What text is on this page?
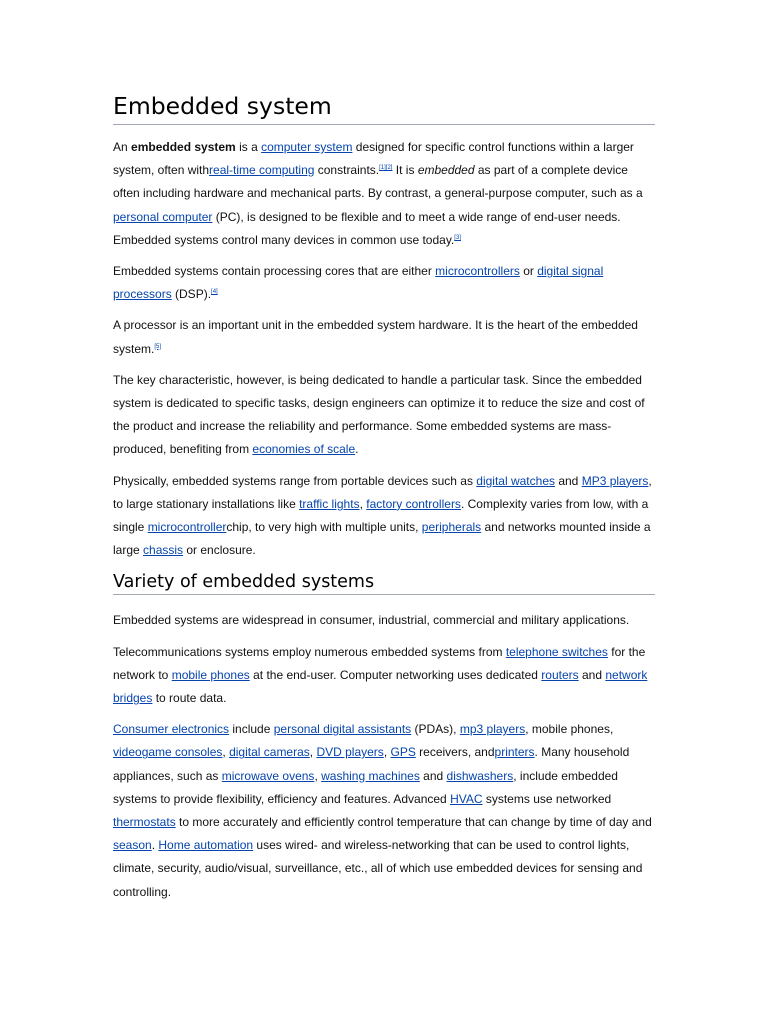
Embedded system

An embedded system is a computer system designed for specific control functions within a larger system, often withreal-time computing constraints.[1][2] It is embedded as part of a complete device often including hardware and mechanical parts. By contrast, a general-purpose computer, such as a personal computer (PC), is designed to be flexible and to meet a wide range of end-user needs. Embedded systems control many devices in common use today.[3]

Embedded systems contain processing cores that are either microcontrollers or digital signal processors (DSP).[4]

A processor is an important unit in the embedded system hardware. It is the heart of the embedded system.[5]

The key characteristic, however, is being dedicated to handle a particular task. Since the embedded system is dedicated to specific tasks, design engineers can optimize it to reduce the size and cost of the product and increase the reliability and performance. Some embedded systems are mass-produced, benefiting from economies of scale.

Physically, embedded systems range from portable devices such as digital watches and MP3 players, to large stationary installations like traffic lights, factory controllers. Complexity varies from low, with a single microcontrollerchip, to very high with multiple units, peripherals and networks mounted inside a large chassis or enclosure.

Variety of embedded systems

Embedded systems are widespread in consumer, industrial, commercial and military applications.

Telecommunications systems employ numerous embedded systems from telephone switches for the network to mobile phones at the end-user. Computer networking uses dedicated routers and network bridges to route data.

Consumer electronics include personal digital assistants (PDAs), mp3 players, mobile phones, videogame consoles, digital cameras, DVD players, GPS receivers, andprinters. Many household appliances, such as microwave ovens, washing machines and dishwashers, include embedded systems to provide flexibility, efficiency and features. Advanced HVAC systems use networked thermostats to more accurately and efficiently control temperature that can change by time of day and season. Home automation uses wired- and wireless-networking that can be used to control lights, climate, security, audio/visual, surveillance, etc., all of which use embedded devices for sensing and controlling.
